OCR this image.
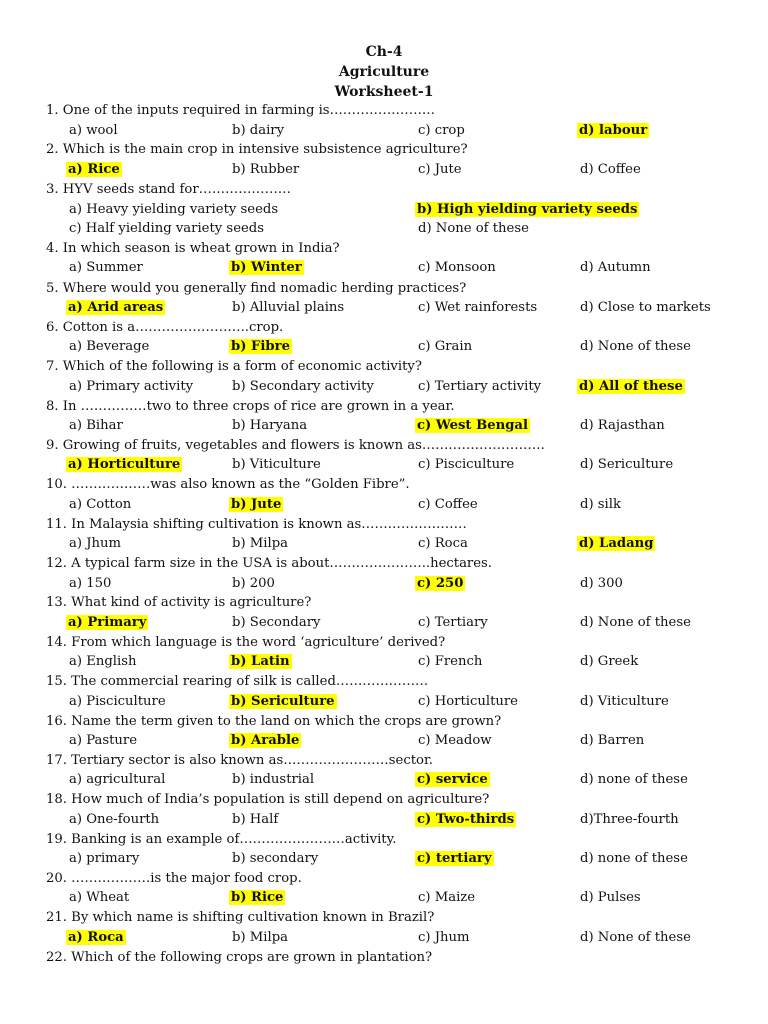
Ch-4
Agriculture
Worksheet-1
1. One of the inputs required in farming is……………………
a) wool	b) dairy	c) crop	d) labour
2. Which is the main crop in intensive subsistence agriculture?
a) Rice	b) Rubber	c) Jute	d) Coffee
3. HYV seeds stand for…………………
a) Heavy yielding variety seeds	b) High yielding variety seeds
c) Half yielding variety seeds	d) None of these
4. In which season is wheat grown in India?
a) Summer	b) Winter	c) Monsoon	d) Autumn
5. Where would you generally find nomadic herding practices?
a) Arid areas	b) Alluvial plains	c) Wet rainforests	d) Close to markets
6. Cotton is a……………………..crop.
a) Beverage	b) Fibre	c) Grain	d) None of these
7. Which of the following is a form of economic activity?
a) Primary activity	b) Secondary activity	c) Tertiary activity	d) All of these
8. In ……………two to three crops of rice are grown in a year.
a) Bihar	b) Haryana	c) West Bengal	d) Rajasthan
9. Growing of fruits, vegetables and flowers is known as……………………….
a) Horticulture	b) Viticulture	c) Pisciculture	d) Sericulture
10. ………………was also known as the “Golden Fibre”.
a) Cotton	b) Jute	c) Coffee	d) silk
11. In Malaysia shifting cultivation is known as……………………
a) Jhum	b) Milpa	c) Roca	d) Ladang
12. A typical farm size in the USA is about…………………..hectares.
a) 150	b) 200	c) 250	d) 300
13. What kind of activity is agriculture?
a) Primary	b) Secondary	c) Tertiary	d) None of these
14. From which language is the word ‘agriculture’ derived?
a) English	b) Latin	c) French	d) Greek
15. The commercial rearing of silk is called…………………
a) Pisciculture	b) Sericulture	c) Horticulture	d) Viticulture
16. Name the term given to the land on which the crops are grown?
a) Pasture	b) Arable	c) Meadow	d) Barren
17. Tertiary sector is also known as……………………sector.
a) agricultural	b) industrial	c) service	d) none of these
18. How much of India’s population is still depend on agriculture?
a) One-fourth	b) Half	c) Two-thirds	d)Three-fourth
19. Banking is an example of……………………activity.
a) primary	b) secondary	c) tertiary	d) none of these
20. ………………is the major food crop.
a) Wheat	b) Rice	c) Maize	d) Pulses
21. By which name is shifting cultivation known in Brazil?
a) Roca	b) Milpa	c) Jhum	d) None of these
22. Which of the following crops are grown in plantation?
